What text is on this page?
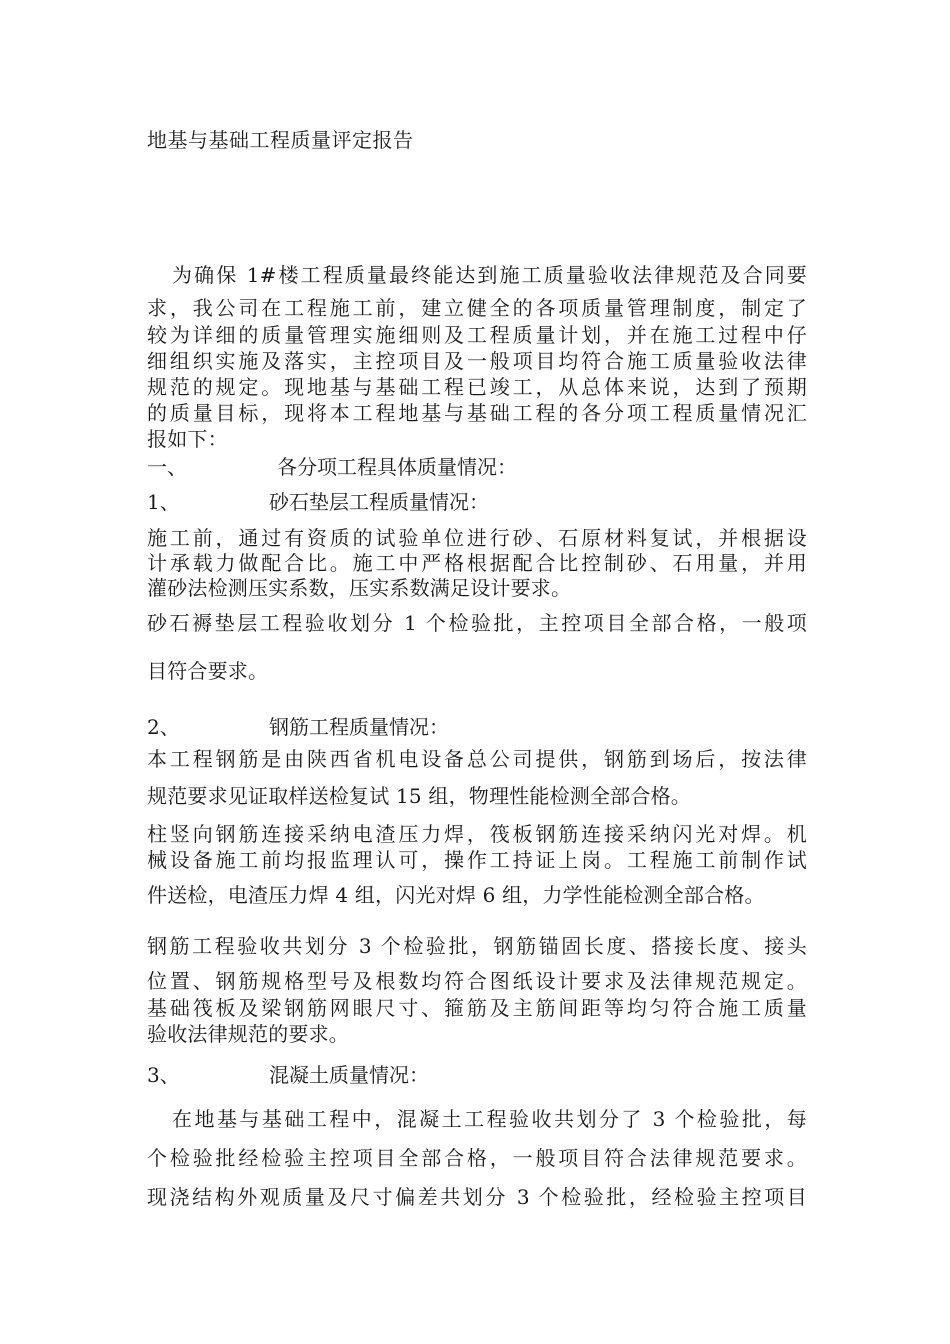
地基与基础工程质量评定报告
为确保 1#楼工程质量最终能达到施工质量验收法律规范及合同要
求，我公司在工程施工前，建立健全的各项质量管理制度，制定了
较为详细的质量管理实施细则及工程质量计划，并在施工过程中仔
细组织实施及落实，主控项目及一般项目均符合施工质量验收法律
规范的规定。现地基与基础工程已竣工，从总体来说，达到了预期
的质量目标，现将本工程地基与基础工程的各分项工程质量情况汇
报如下：
一、	各分项工程具体质量情况：
1、	砂石垫层工程质量情况：
施工前，通过有资质的试验单位进行砂、石原材料复试，并根据设
计承载力做配合比。施工中严格根据配合比控制砂、石用量，并用
灌砂法检测压实系数，压实系数满足设计要求。
砂石褥垫层工程验收划分 1 个检验批，主控项目全部合格，一般项
目符合要求。
2、	钢筋工程质量情况：
本工程钢筋是由陕西省机电设备总公司提供，钢筋到场后，按法律
规范要求见证取样送检复试 15 组，物理性能检测全部合格。
柱竖向钢筋连接采纳电渣压力焊，筏板钢筋连接采纳闪光对焊。机
械设备施工前均报监理认可，操作工持证上岗。工程施工前制作试
件送检，电渣压力焊 4 组，闪光对焊 6 组，力学性能检测全部合格。
钢筋工程验收共划分 3 个检验批，钢筋锚固长度、搭接长度、接头
位置、钢筋规格型号及根数均符合图纸设计要求及法律规范规定。
基础筏板及梁钢筋网眼尺寸、箍筋及主筋间距等均匀符合施工质量
验收法律规范的要求。
3、	混凝土质量情况：
在地基与基础工程中，混凝土工程验收共划分了 3 个检验批，每
个检验批经检验主控项目全部合格，一般项目符合法律规范要求。
现浇结构外观质量及尺寸偏差共划分 3 个检验批，经检验主控项目
